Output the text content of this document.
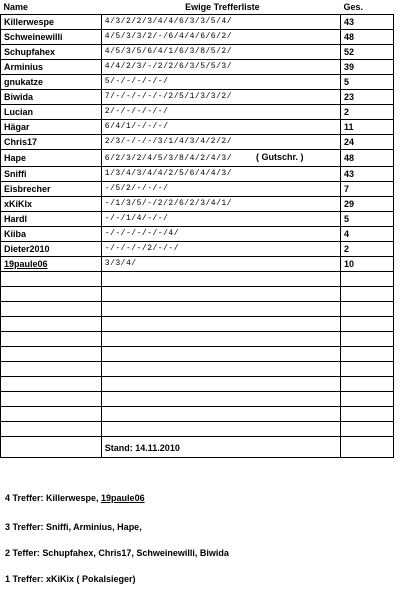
Name	Ewige Trefferliste	Ges.
Killerwespe	4/3/2/2/3/4/4/6/3/3/5/4/	43
Schweinewilli	4/5/3/3/2/-/6/4/4/6/6/2/	48
Schupfahex	4/5/3/5/6/4/1/6/3/8/5/2/	52
Arminius	4/4/2/3/-/2/2/6/3/5/5/3/	39
gnukatze	5/-/-/-/-/-/	5
Biwida	7/-/-/-/-/-/2/5/1/3/3/2/	23
Lucian	2/-/-/-/-/-/	2
Hägar	6/4/1/-/-/-/	11
Chris17	2/3/-/-/-/3/1/4/3/4/2/2/	24
Hape	6/2/3/2/4/5/3/8/4/2/4/3/ ( Gutschr. )	48
Sniffi	1/3/4/3/4/4/2/5/6/4/4/3/	43
Eisbrecher	-/5/2/-/-/-/	7
xKiKIx	-/1/3/5/-/2/2/6/2/3/4/1/	29
Hardl	-/-/1/4/-/-/	5
Kiiba	-/-/-/-/-/-/4/	4
Dieter2010	-/-/-/-/2/-/-/	2
19paule06	3/3/4/	10

	Stand: 14.11.2010	
4 Treffer: Killerwespe, 19paule06
3 Treffer: Sniffi, Arminius, Hape,
2 Teffer: Schupfahex, Chris17, Schweinewilli, Biwida
1 Treffer: xKiKix ( Pokalsieger)
